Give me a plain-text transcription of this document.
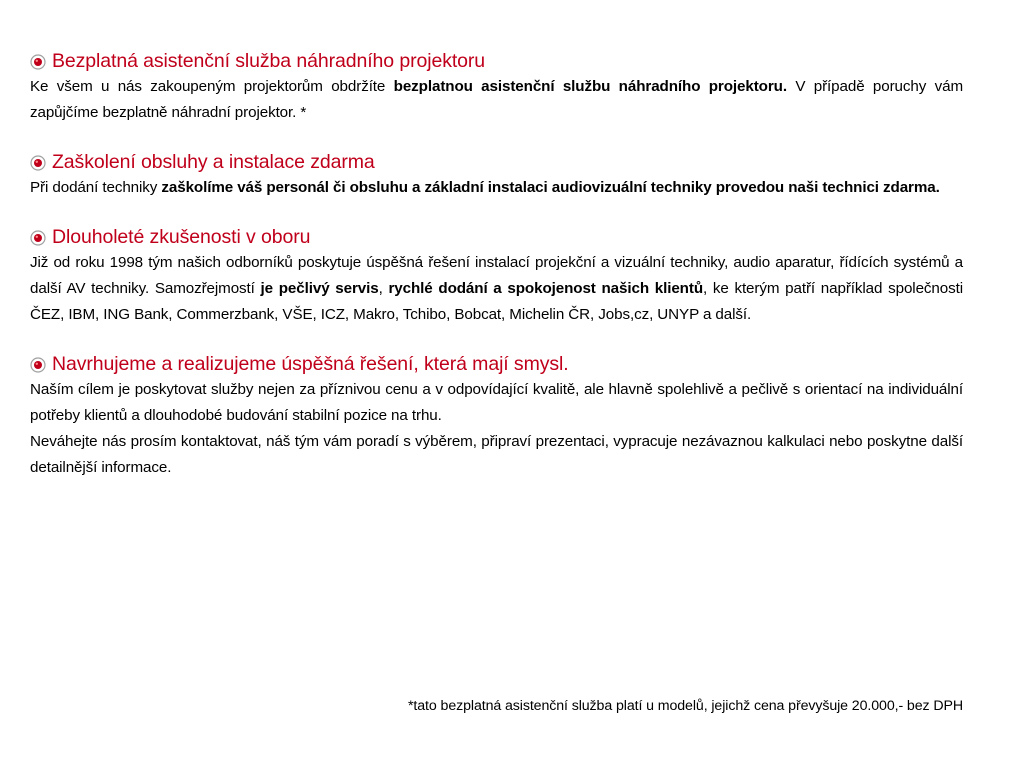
Bezplatná asistenční služba náhradního projektoru

Ke všem u nás zakoupeným projektorům obdržíte bezplatnou asistenční službu náhradního projektoru. V případě poruchy vám zapůjčíme bezplatně náhradní projektor. *

Zaškolení obsluhy a instalace zdarma

Při dodání techniky zaškolíme váš personál či obsluhu a základní instalaci audiovizuální techniky provedou naši technici zdarma.

Dlouholeté zkušenosti v oboru

Již od roku 1998 tým našich odborníků poskytuje úspěšná řešení instalací projekční a vizuální techniky, audio aparatur, řídících systémů a další AV techniky. Samozřejmostí je pečlivý servis, rychlé dodání a spokojenost našich klientů, ke kterým patří například společnosti ČEZ, IBM, ING Bank, Commerzbank, VŠE, ICZ, Makro, Tchibo, Bobcat, Michelin ČR, Jobs,cz, UNYP a další.

Navrhujeme a realizujeme úspěšná řešení, která mají smysl.

Naším cílem je poskytovat služby nejen za příznivou cenu a v odpovídající kvalitě, ale hlavně spolehlivě a pečlivě s orientací na individuální potřeby klientů a dlouhodobé budování stabilní pozice na trhu.

Neváhejte nás prosím kontaktovat, náš tým vám poradí s výběrem, připraví prezentaci, vypracuje nezávaznou kalkulaci nebo poskytne další detailnější informace.

*tato bezplatná asistenční služba platí u modelů, jejichž cena převyšuje 20.000,- bez DPH
